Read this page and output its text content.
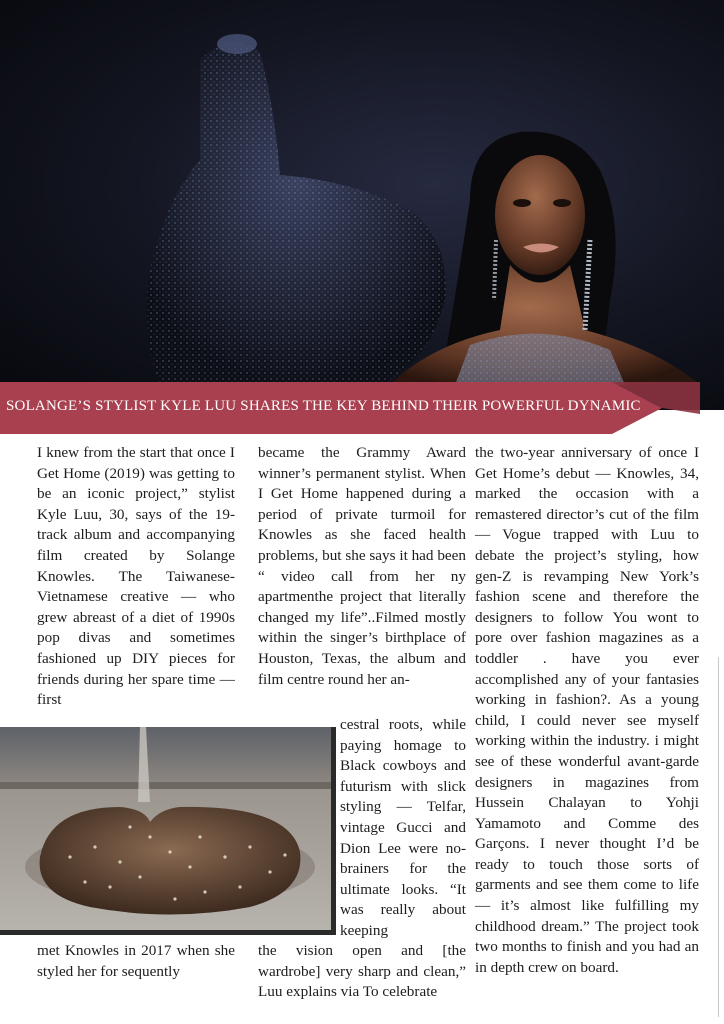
SOLANGE’S STYLIST KYLE LUU SHARES THE KEY BEHIND THEIR POWERFUL DYNAMIC

I knew from the start that once I Get Home (2019) was getting to be an iconic project,” stylist Kyle Luu, 30, says of the 19-track album and accompanying film created by Solange Knowles. The Taiwanese-Vietnamese creative — who grew abreast of a diet of 1990s pop divas and sometimes fashioned up DIY pieces for friends during her spare time — first

met Knowles in 2017 when she styled her for sequently

became the Grammy Award winner’s permanent stylist. When I Get Home happened during a period of private turmoil for Knowles as she faced health problems, but she says it had been “ video call from her ny apartmenthe project that literally changed my life”..Filmed mostly within the singer’s birthplace of Houston, Texas, the album and film centre round her an-

cestral roots, while paying homage to Black cowboys and futurism with slick styling — Telfar, vintage Gucci and Dion Lee were no-brainers for the ultimate looks. “It was really about keeping

the vision open and [the wardrobe] very sharp and clean,” Luu explains via To celebrate

the two-year anniversary of once I Get Home’s debut — Knowles, 34, marked the occasion with a remastered director’s cut of the film — Vogue trapped with Luu to debate the project’s styling, how gen-Z is revamping New York’s fashion scene and therefore the designers to follow You wont to pore over fashion magazines as a toddler . have you ever accomplished any of your fantasies working in fashion?. As a young child, I could never see myself working within the industry. i might see of these wonderful avant-garde designers in magazines from Hussein Chalayan to Yohji Yamamoto and Comme des Garçons. I never thought I’d be ready to touch those sorts of garments and see them come to life — it’s almost like fulfilling my childhood dream.” The project took two months to finish and you had an in depth crew on board.
